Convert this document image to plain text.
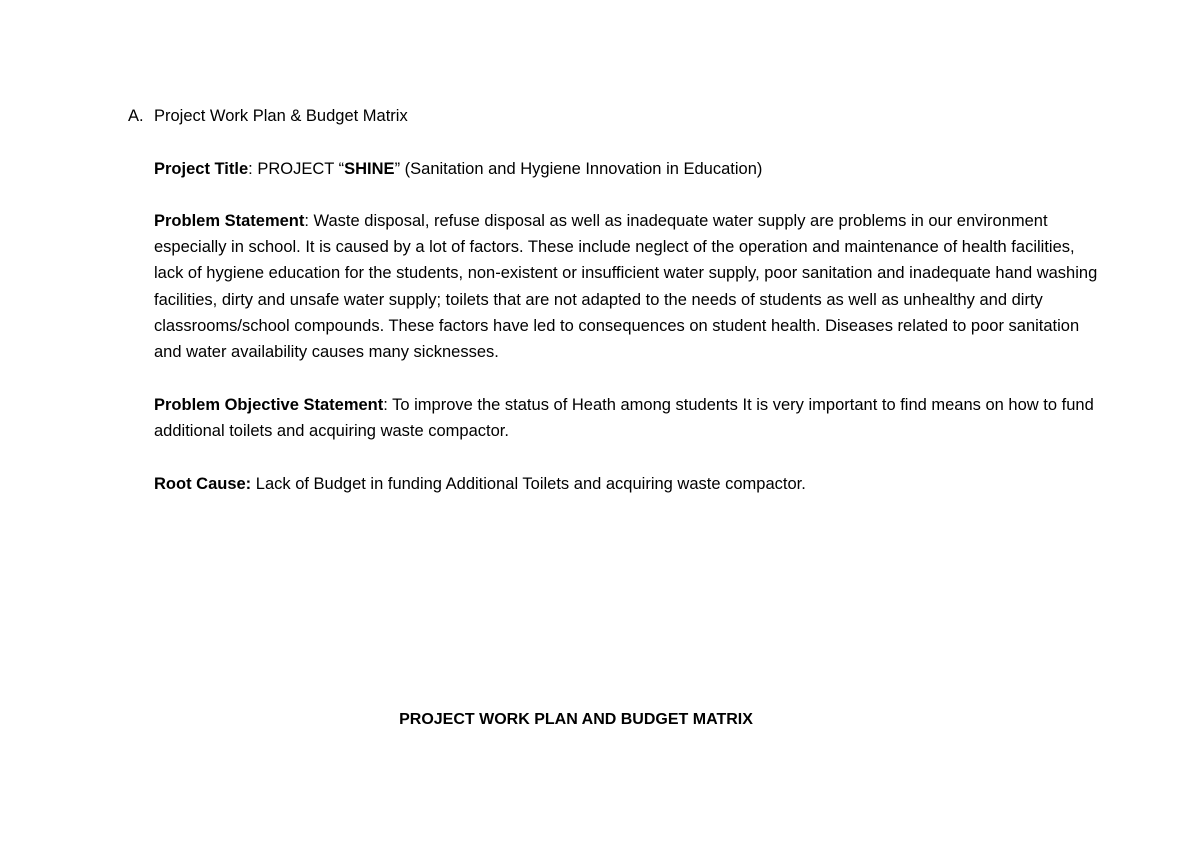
A. Project Work Plan & Budget Matrix
Project Title: PROJECT “SHINE” (Sanitation and Hygiene Innovation in Education)
Problem Statement: Waste disposal, refuse disposal as well as inadequate water supply are problems in our environment especially in school. It is caused by a lot of factors. These include neglect of the operation and maintenance of health facilities, lack of hygiene education for the students, non-existent or insufficient water supply, poor sanitation and inadequate hand washing facilities, dirty and unsafe water supply; toilets that are not adapted to the needs of students as well as unhealthy and dirty classrooms/school compounds. These factors have led to consequences on student health. Diseases related to poor sanitation and water availability causes many sicknesses.
Problem Objective Statement: To improve the status of Heath among students It is very important to find means on how to fund additional toilets and acquiring waste compactor.
Root Cause: Lack of Budget in funding Additional Toilets and acquiring waste compactor.
PROJECT WORK PLAN AND BUDGET MATRIX
